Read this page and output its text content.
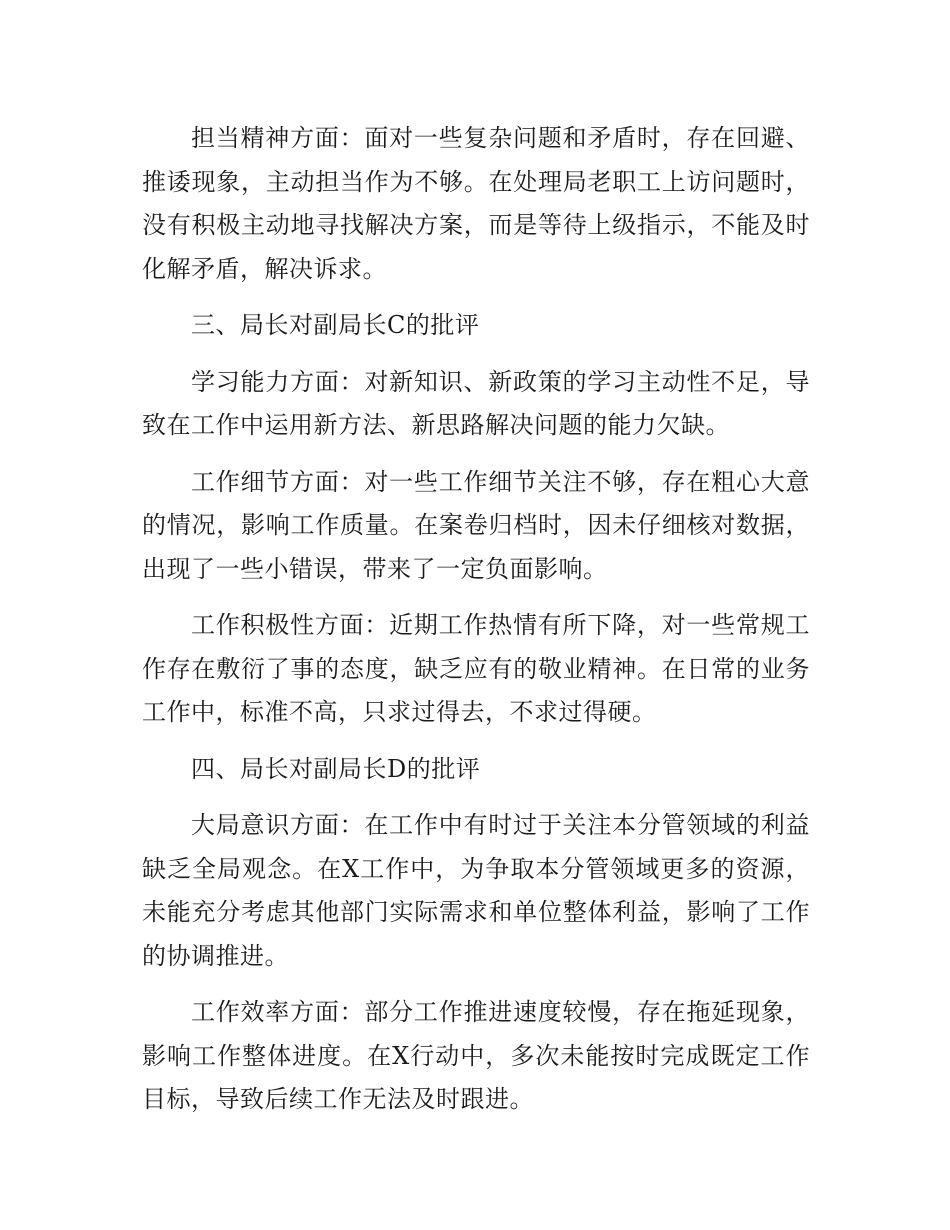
担当精神方面：面对一些复杂问题和矛盾时，存在回避、推诿现象，主动担当作为不够。在处理局老职工上访问题时，没有积极主动地寻找解决方案，而是等待上级指示，不能及时化解矛盾，解决诉求。

三、局长对副局长C的批评

学习能力方面：对新知识、新政策的学习主动性不足，导致在工作中运用新方法、新思路解决问题的能力欠缺。

工作细节方面：对一些工作细节关注不够，存在粗心大意的情况，影响工作质量。在案卷归档时，因未仔细核对数据，出现了一些小错误，带来了一定负面影响。

工作积极性方面：近期工作热情有所下降，对一些常规工作存在敷衍了事的态度，缺乏应有的敬业精神。在日常的业务工作中，标准不高，只求过得去，不求过得硬。

四、局长对副局长D的批评

大局意识方面：在工作中有时过于关注本分管领域的利益缺乏全局观念。在X工作中，为争取本分管领域更多的资源，未能充分考虑其他部门实际需求和单位整体利益，影响了工作的协调推进。

工作效率方面：部分工作推进速度较慢，存在拖延现象，影响工作整体进度。在X行动中，多次未能按时完成既定工作目标，导致后续工作无法及时跟进。
